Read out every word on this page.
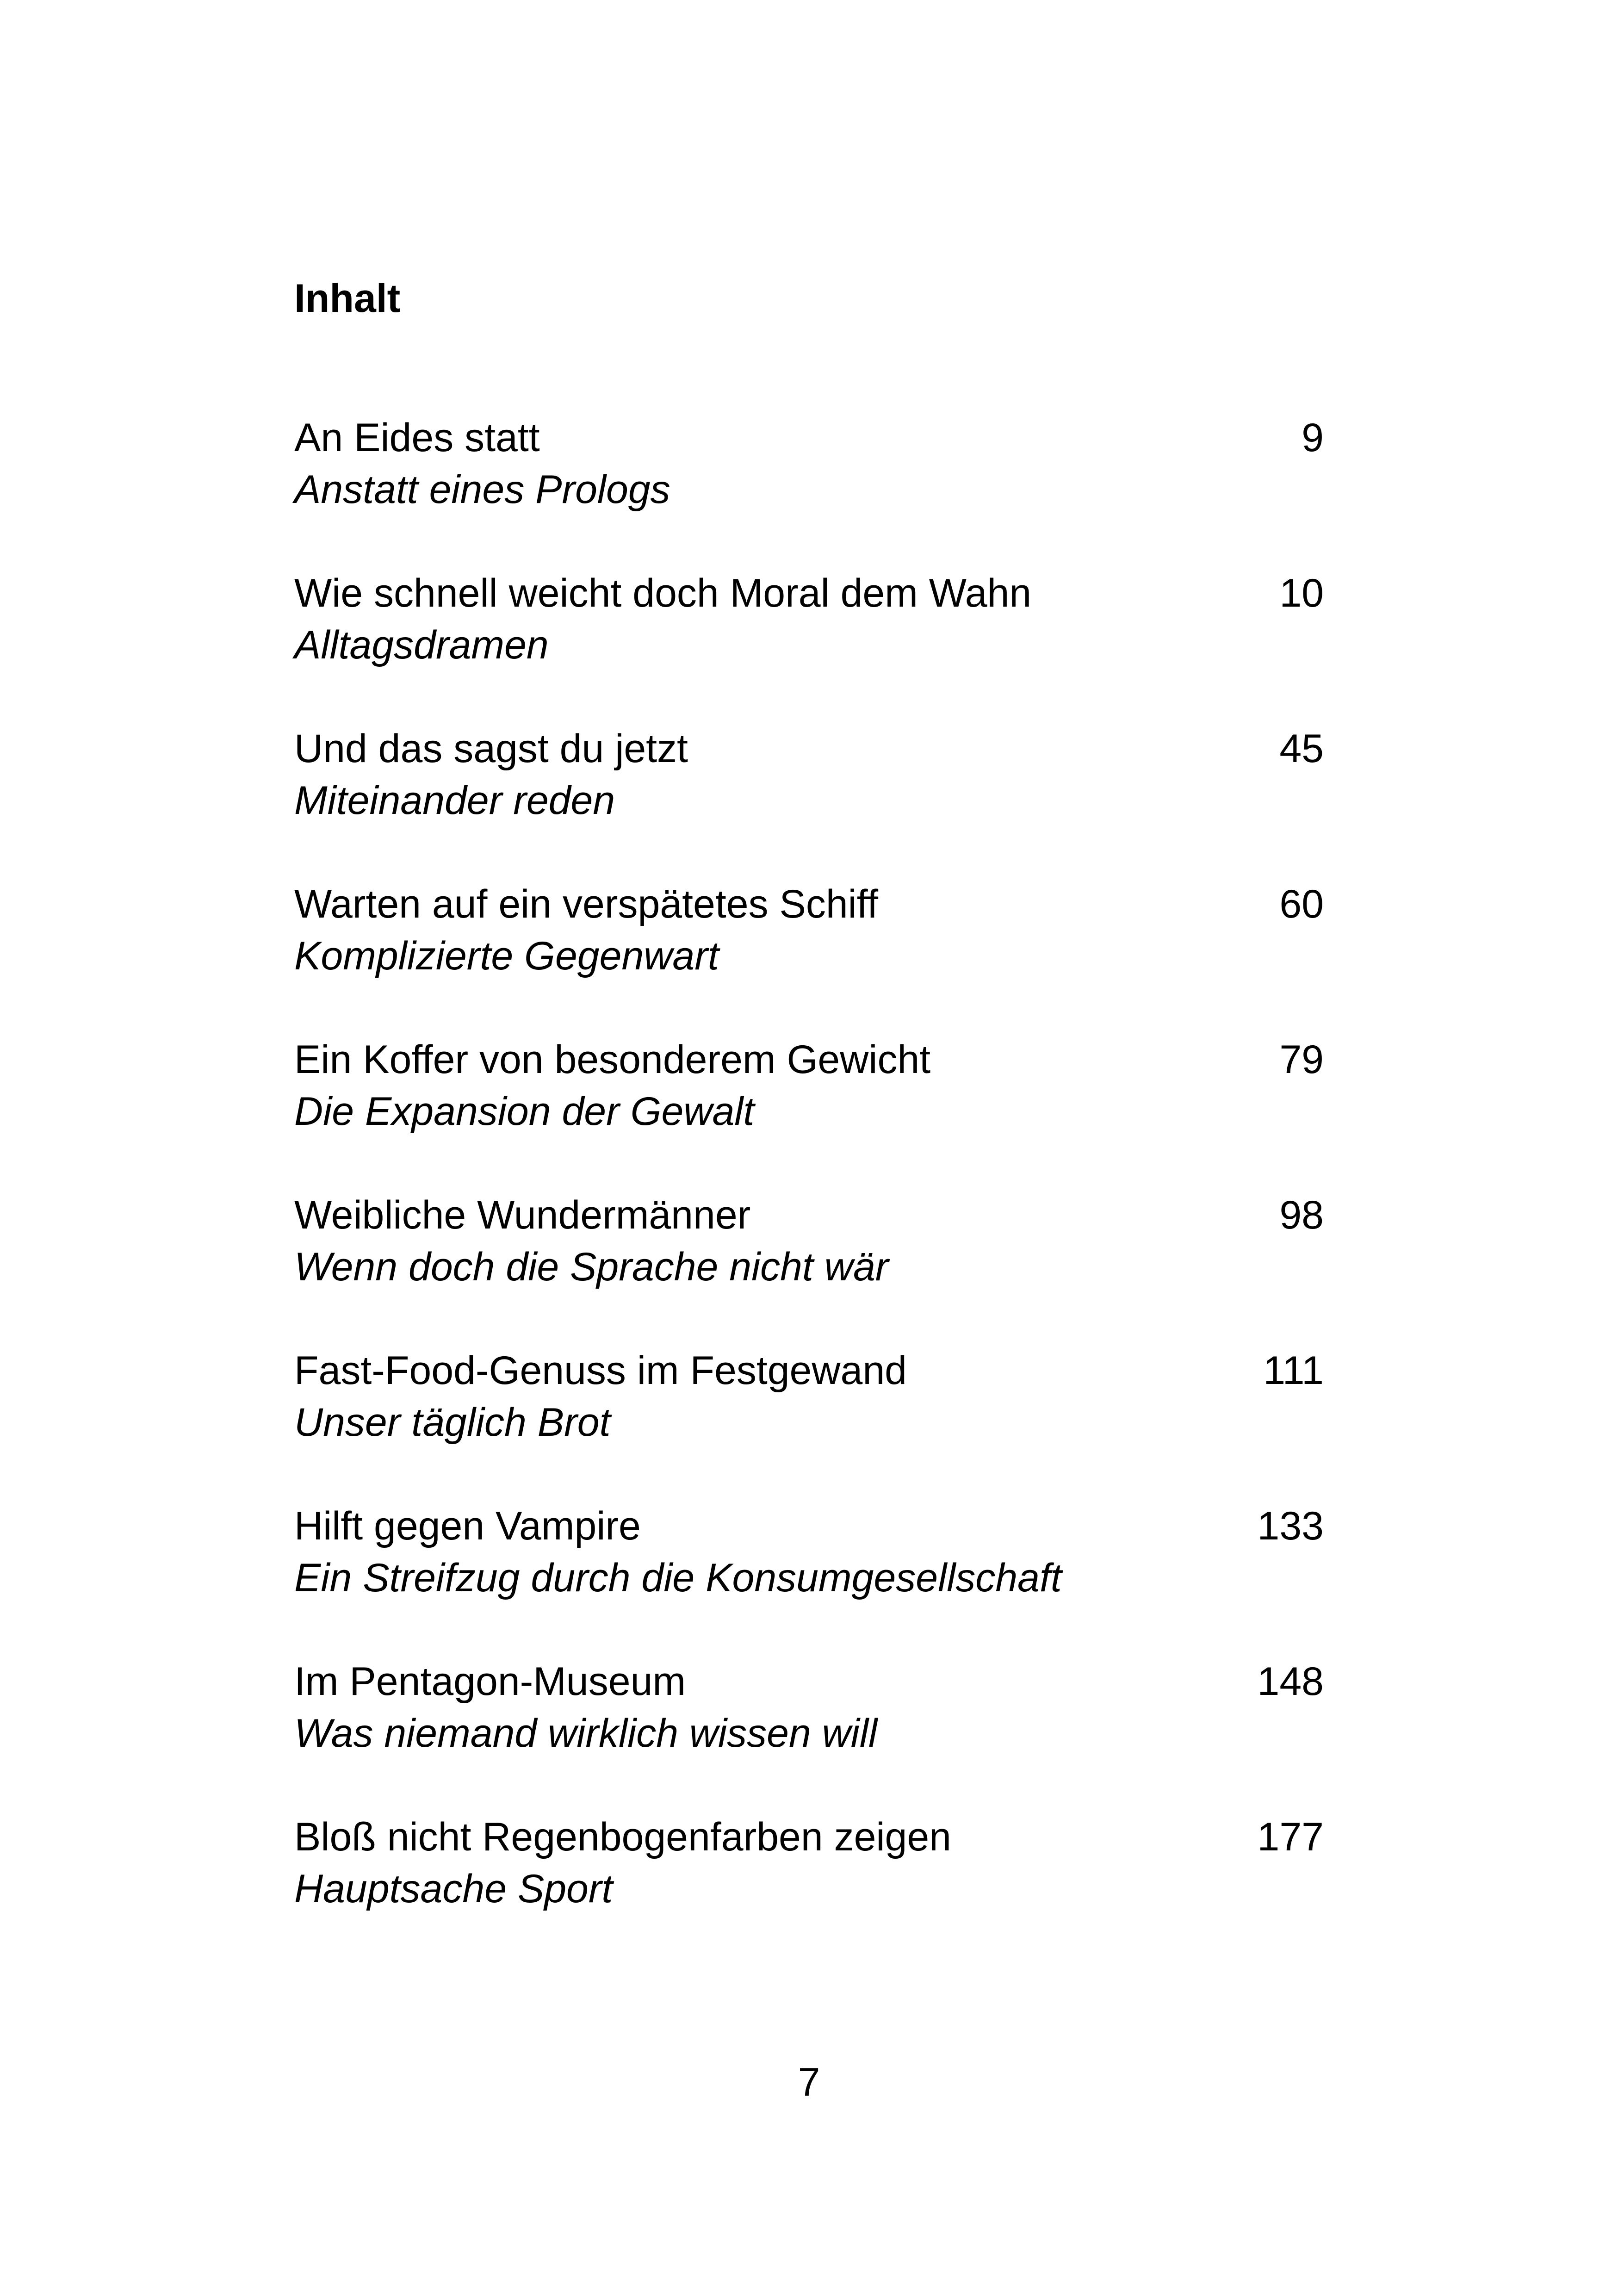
Inhalt
An Eides statt	9
Anstatt eines Prologs
Wie schnell weicht doch Moral dem Wahn	10
Alltagsdramen
Und das sagst du jetzt	45
Miteinander reden
Warten auf ein verspätetes Schiff	60
Komplizierte Gegenwart
Ein Koffer von besonderem Gewicht	79
Die Expansion der Gewalt
Weibliche Wundermänner	98
Wenn doch die Sprache nicht wär
Fast-Food-Genuss im Festgewand	111
Unser täglich Brot
Hilft gegen Vampire	133
Ein Streifzug durch die Konsumgesellschaft
Im Pentagon-Museum	148
Was niemand wirklich wissen will
Bloß nicht Regenbogenfarben zeigen	177
Hauptsache Sport
7
